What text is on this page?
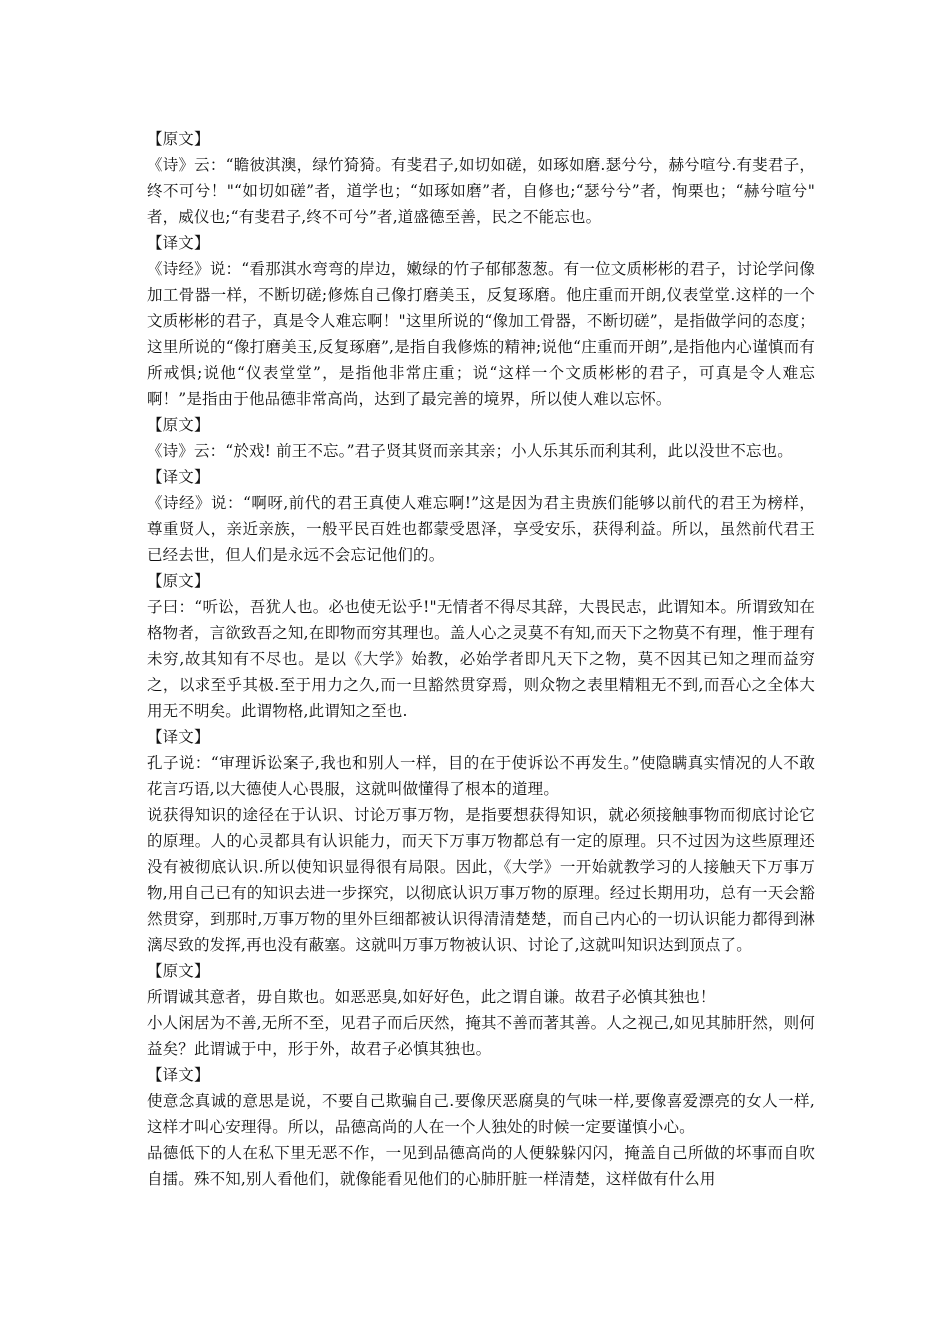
【原文】

《诗》云：“瞻彼淇澳，绿竹猗猗。有斐君子,如切如磋，如琢如磨.瑟兮兮，赫兮喧兮.有斐君子，终不可兮！"“如切如磋”者，道学也；“如琢如磨”者，自修也;“瑟兮兮”者，恂栗也；“赫兮喧兮" 者，威仪也;“有斐君子,终不可兮”者,道盛德至善，民之不能忘也。

【译文】

《诗经》说：“看那淇水弯弯的岸边，嫩绿的竹子郁郁葱葱。有一位文质彬彬的君子，讨论学问像加工骨器一样，不断切磋;修炼自己像打磨美玉，反复琢磨。他庄重而开朗,仪表堂堂.这样的一个文质彬彬的君子，真是令人难忘啊！"这里所说的“像加工骨器，不断切磋”，是指做学问的态度；这里所说的“像打磨美玉,反复琢磨”,是指自我修炼的精神;说他“庄重而开朗”,是指他内心谨慎而有所戒惧;说他“仪表堂堂”，是指他非常庄重；说“这样一个文质彬彬的君子，可真是令人难忘啊！”是指由于他品德非常高尚，达到了最完善的境界，所以使人难以忘怀。

【原文】

《诗》云：“於戏! 前王不忘。”君子贤其贤而亲其亲；小人乐其乐而利其利，此以没世不忘也。

【译文】

《诗经》说：“啊呀,前代的君王真使人难忘啊!”这是因为君主贵族们能够以前代的君王为榜样，尊重贤人，亲近亲族，一般平民百姓也都蒙受恩泽，享受安乐，获得利益。所以，虽然前代君王已经去世，但人们是永远不会忘记他们的。

【原文】

子曰：“听讼，吾犹人也。必也使无讼乎!"无情者不得尽其辞，大畏民志，此谓知本。所谓致知在格物者，言欲致吾之知,在即物而穷其理也。盖人心之灵莫不有知,而天下之物莫不有理，惟于理有未穷,故其知有不尽也。是以《大学》始教，必始学者即凡天下之物，莫不因其已知之理而益穷之，以求至乎其极.至于用力之久,而一旦豁然贯穿焉，则众物之表里精粗无不到,而吾心之全体大用无不明矣。此谓物格,此谓知之至也.

【译文】

孔子说：“审理诉讼案子,我也和别人一样，目的在于使诉讼不再发生。”使隐瞒真实情况的人不敢花言巧语,以大德使人心畏服，这就叫做懂得了根本的道理。

说获得知识的途径在于认识、讨论万事万物，是指要想获得知识，就必须接触事物而彻底讨论它的原理。人的心灵都具有认识能力，而天下万事万物都总有一定的原理。只不过因为这些原理还没有被彻底认识.所以使知识显得很有局限。因此，《大学》一开始就教学习的人接触天下万事万物,用自己已有的知识去进一步探究，以彻底认识万事万物的原理。经过长期用功，总有一天会豁然贯穿，到那时,万事万物的里外巨细都被认识得清清楚楚，而自己内心的一切认识能力都得到淋漓尽致的发挥,再也没有蔽塞。这就叫万事万物被认识、讨论了,这就叫知识达到顶点了。

【原文】

所谓诚其意者，毋自欺也。如恶恶臭,如好好色，此之谓自谦。故君子必慎其独也！

小人闲居为不善,无所不至，见君子而后厌然，掩其不善而著其善。人之视己,如见其肺肝然，则何益矣？此谓诚于中，形于外，故君子必慎其独也。

【译文】

使意念真诚的意思是说，不要自己欺骗自己.要像厌恶腐臭的气味一样,要像喜爱漂亮的女人一样,这样才叫心安理得。所以，品德高尚的人在一个人独处的时候一定要谨慎小心。

品德低下的人在私下里无恶不作，一见到品德高尚的人便躲躲闪闪，掩盖自己所做的坏事而自吹自擂。殊不知,别人看他们，就像能看见他们的心肺肝脏一样清楚，这样做有什么用
